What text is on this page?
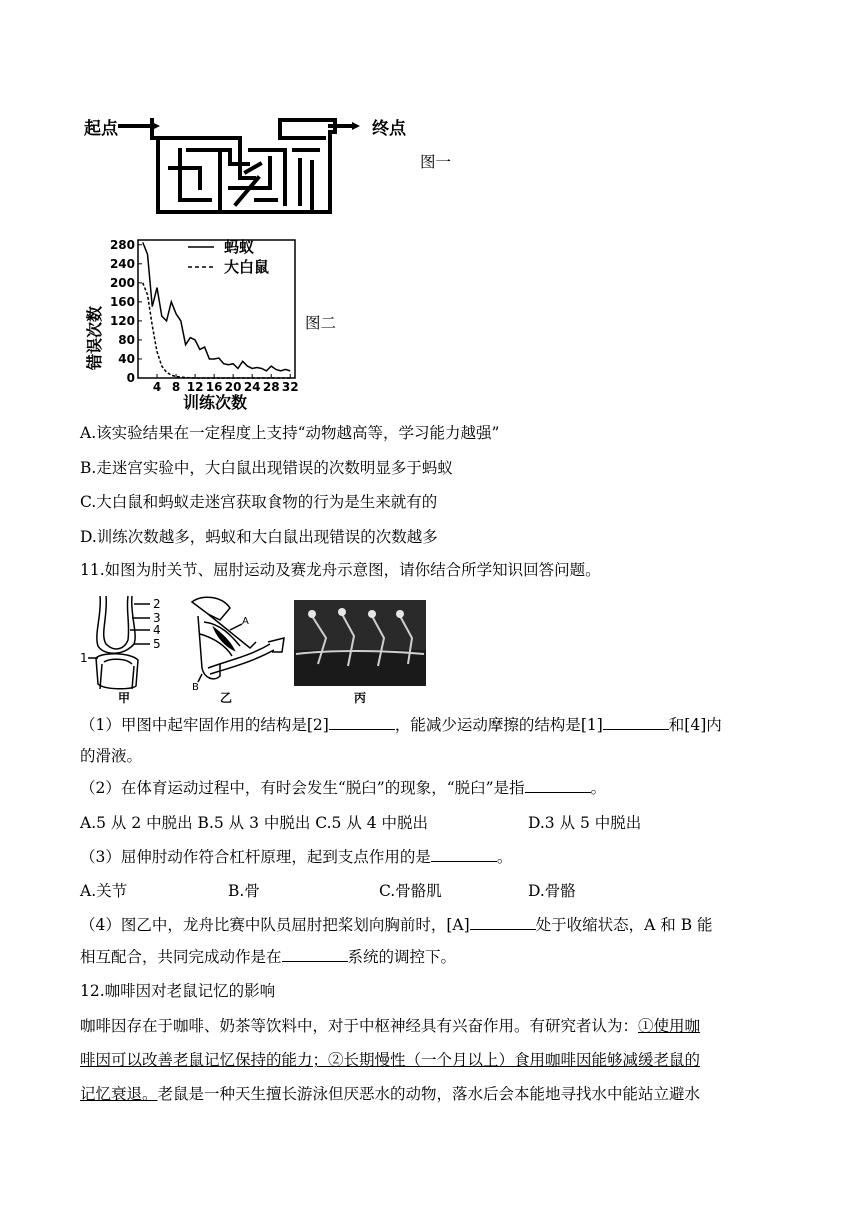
起点	终点
图一
280
240
200
160
120
80
40
0
4 8 12 16 20 24 28 32
蚂蚁
大白鼠
错误次数
训练次数
图二
A.该实验结果在一定程度上支持“动物越高等，学习能力越强”
B.走迷宫实验中，大白鼠出现错误的次数明显多于蚂蚁
C.大白鼠和蚂蚁走迷宫获取食物的行为是生来就有的
D.训练次数越多，蚂蚁和大白鼠出现错误的次数越多
11.如图为肘关节、屈肘运动及赛龙舟示意图，请你结合所学知识回答问题。
2
3
4
5
1
甲
A
B
乙	丙
（1）甲图中起牢固作用的结构是[2]	，能减少运动摩擦的结构是[1]	和[4]内
的滑液。
（2）在体育运动过程中，有时会发生“脱臼”的现象，“脱臼”是指	。
A.5 从 2 中脱出 B.5 从 3 中脱出 C.5 从 4 中脱出	D.3 从 5 中脱出
（3）屈伸肘动作符合杠杆原理，起到支点作用的是	。
A.关节	B.骨	C.骨骼肌	D.骨骼
（4）图乙中，龙舟比赛中队员屈肘把桨划向胸前时，[A]	处于收缩状态，A 和 B 能
相互配合，共同完成动作是在	系统的调控下。
12.咖啡因对老鼠记忆的影响
咖啡因存在于咖啡、奶茶等饮料中，对于中枢神经具有兴奋作用。有研究者认为：①使用咖
啡因可以改善老鼠记忆保持的能力；②长期慢性（一个月以上）食用咖啡因能够减缓老鼠的
记忆衰退。老鼠是一种天生擅长游泳但厌恶水的动物，落水后会本能地寻找水中能站立避水
